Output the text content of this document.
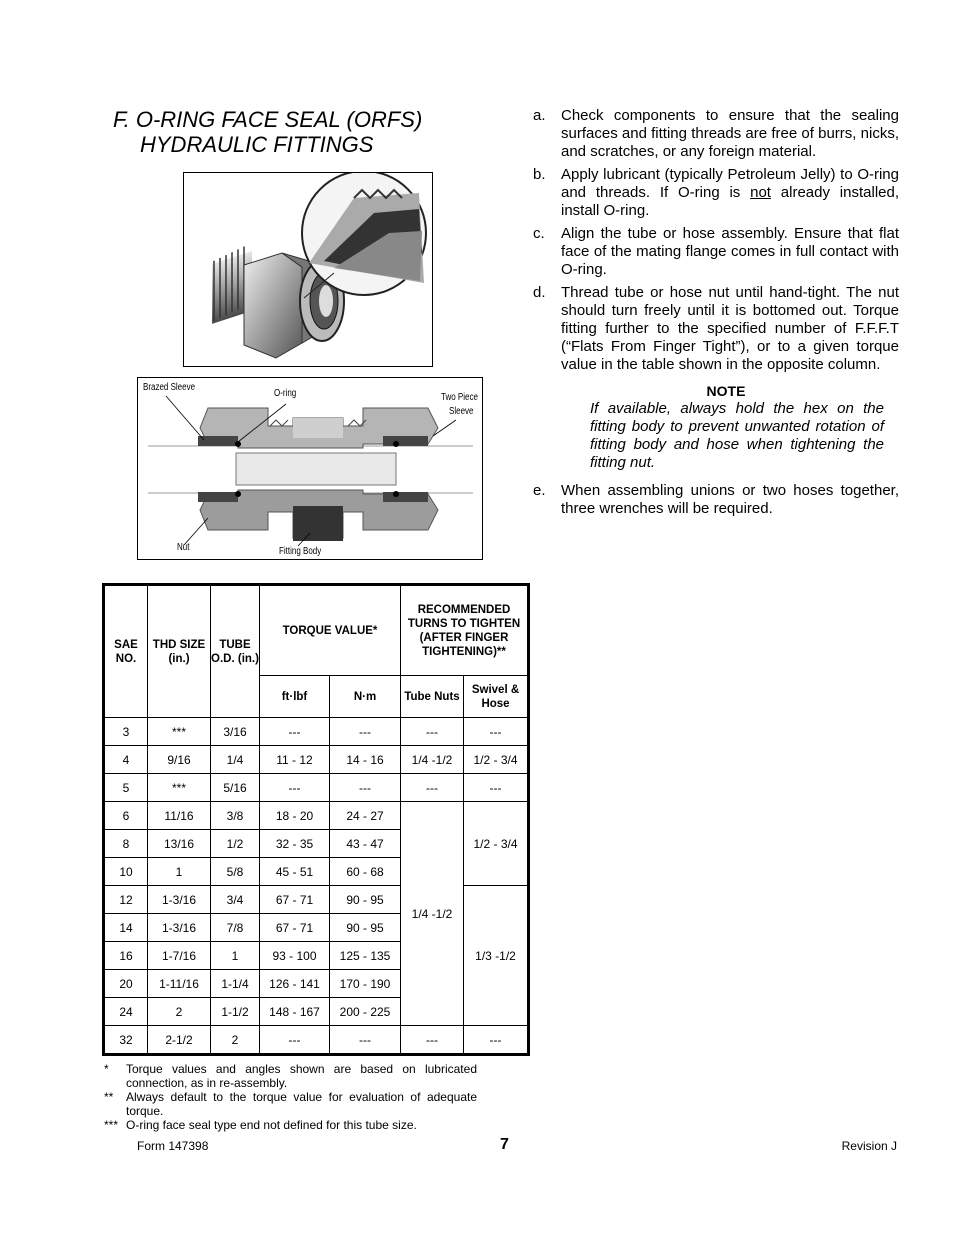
F. O-RING FACE SEAL (ORFS)
HYDRAULIC FITTINGS
Brazed Sleeve
O-ring	Two Piece
Sleeve
Nut	Fitting Body
a.	Check components to ensure that the sealing surfaces and fitting threads are free of burrs, nicks, and scratches, or any foreign material.
b.	Apply lubricant (typically Petroleum Jelly) to O-ring and threads. If O-ring is not already installed, install O-ring.
c.	Align the tube or hose assembly. Ensure that flat face of the mating flange comes in full contact with O-ring.
d.	Thread tube or hose nut until hand-tight. The nut should turn freely until it is bottomed out. Torque fitting further to the specified number of F.F.F.T (“Flats From Finger Tight”), or to a given torque value in the table shown in the opposite column.
NOTE
If available, always hold the hex on the fitting body to prevent unwanted rotation of fitting body and hose when tightening the fitting nut.
e.	When assembling unions or two hoses together, three wrenches will be required.
SAE NO.	THD SIZE (in.)	TUBE O.D. (in.)	TORQUE VALUE*		RECOMMENDED TURNS TO TIGHTEN (AFTER FINGER TIGHTENING)**	
			ft·lbf	N·m	Tube Nuts	Swivel & Hose
3	***	3/16	---	---	---	---
4	9/16	1/4	11 - 12	14 - 16	1/4 -1/2	1/2 - 3/4
5	***	5/16	---	---	---	---
6	11/16	3/8	18 - 20	24 - 27	1/4 -1/2	1/2 - 3/4
8	13/16	1/2	32 - 35	43 - 47		
10	1	5/8	45 - 51	60 - 68		
12	1-3/16	3/4	67 - 71	90 - 95		1/3 -1/2
14	1-3/16	7/8	67 - 71	90 - 95		
16	1-7/16	1	93 - 100	125 - 135		
20	1-11/16	1-1/4	126 - 141	170 - 190		
24	2	1-1/2	148 - 167	200 - 225		
32	2-1/2	2	---	---	---	---
*	Torque values and angles shown are based on lubricated connection, as in re-assembly.
**	Always default to the torque value for evaluation of adequate torque.
*** O-ring face seal type end not defined for this tube size.
Form 147398	7	Revision J
